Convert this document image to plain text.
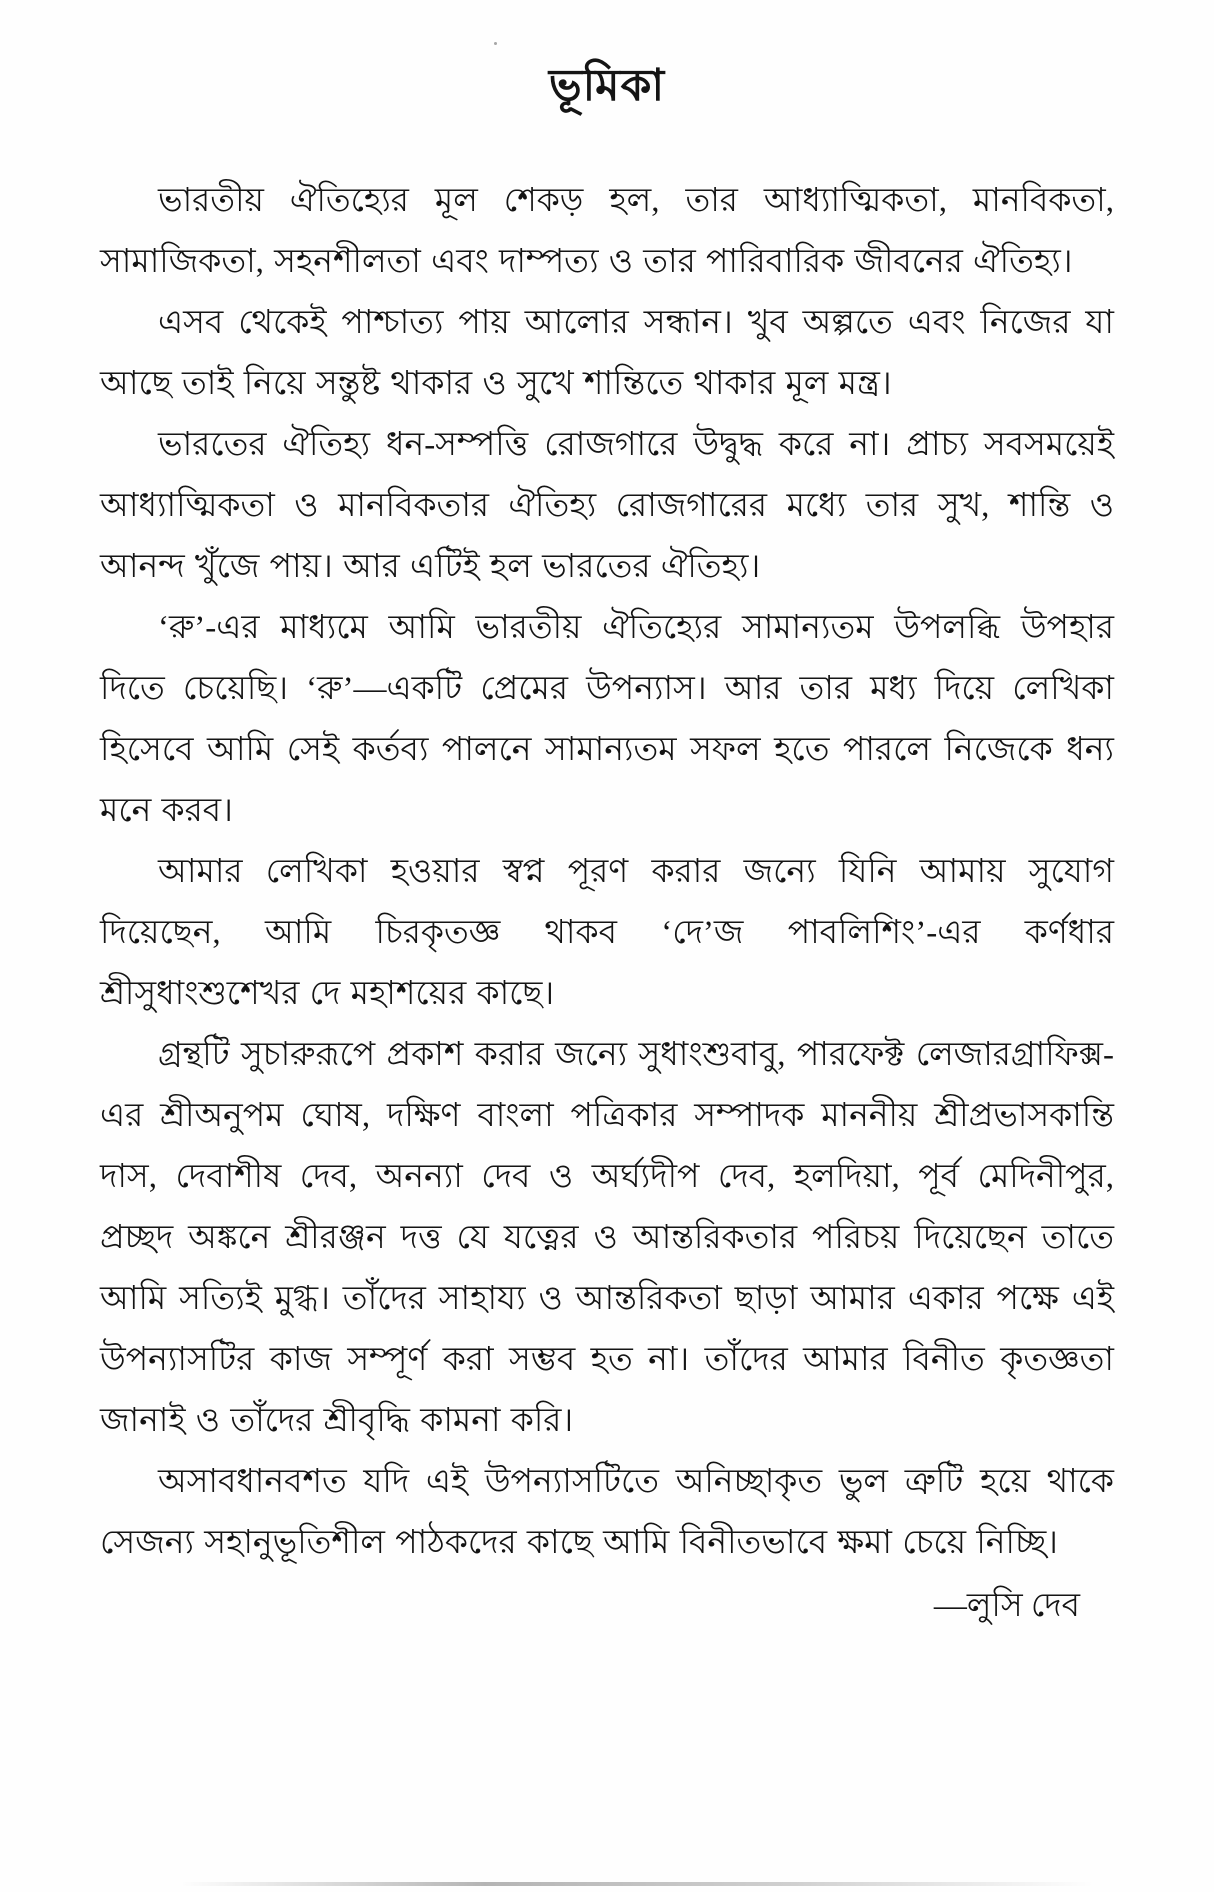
ভূমিকা

ভারতীয় ঐতিহ্যের মূল শেকড় হল, তার আধ্যাত্মিকতা, মানবিকতা, সামাজিকতা, সহনশীলতা এবং দাম্পত্য ও তার পারিবারিক জীবনের ঐতিহ্য।

এসব থেকেই পাশ্চাত্য পায় আলোর সন্ধান। খুব অল্পতে এবং নিজের যা আছে তাই নিয়ে সন্তুষ্ট থাকার ও সুখে শান্তিতে থাকার মূল মন্ত্র।

ভারতের ঐতিহ্য ধন-সম্পত্তি রোজগারে উদ্বুদ্ধ করে না। প্রাচ্য সবসময়েই আধ্যাত্মিকতা ও মানবিকতার ঐতিহ্য রোজগারের মধ্যে তার সুখ, শান্তি ও আনন্দ খুঁজে পায়। আর এটিই হল ভারতের ঐতিহ্য।

‘রু’-এর মাধ্যমে আমি ভারতীয় ঐতিহ্যের সামান্যতম উপলব্ধি উপহার দিতে চেয়েছি। ‘রু’—একটি প্রেমের উপন্যাস। আর তার মধ্য দিয়ে লেখিকা হিসেবে আমি সেই কর্তব্য পালনে সামান্যতম সফল হতে পারলে নিজেকে ধন্য মনে করব।

আমার লেখিকা হওয়ার স্বপ্ন পূরণ করার জন্যে যিনি আমায় সুযোগ দিয়েছেন, আমি চিরকৃতজ্ঞ থাকব ‘দে’জ পাবলিশিং’-এর কর্ণধার শ্রীসুধাংশুশেখর দে মহাশয়ের কাছে।

গ্রন্থটি সুচারুরূপে প্রকাশ করার জন্যে সুধাংশুবাবু, পারফেক্ট লেজারগ্রাফিক্স-এর শ্রীঅনুপম ঘোষ, দক্ষিণ বাংলা পত্রিকার সম্পাদক মাননীয় শ্রীপ্রভাসকান্তি দাস, দেবাশীষ দেব, অনন্যা দেব ও অর্ঘ্যদীপ দেব, হলদিয়া, পূর্ব মেদিনীপুর, প্রচ্ছদ অঙ্কনে শ্রীরঞ্জন দত্ত যে যত্নের ও আন্তরিকতার পরিচয় দিয়েছেন তাতে আমি সত্যিই মুগ্ধ। তাঁদের সাহায্য ও আন্তরিকতা ছাড়া আমার একার পক্ষে এই উপন্যাসটির কাজ সম্পূর্ণ করা সম্ভব হত না। তাঁদের আমার বিনীত কৃতজ্ঞতা জানাই ও তাঁদের শ্রীবৃদ্ধি কামনা করি।

অসাবধানবশত যদি এই উপন্যাসটিতে অনিচ্ছাকৃত ভুল ত্রুটি হয়ে থাকে সেজন্য সহানুভূতিশীল পাঠকদের কাছে আমি বিনীতভাবে ক্ষমা চেয়ে নিচ্ছি।

—লুসি দেব
